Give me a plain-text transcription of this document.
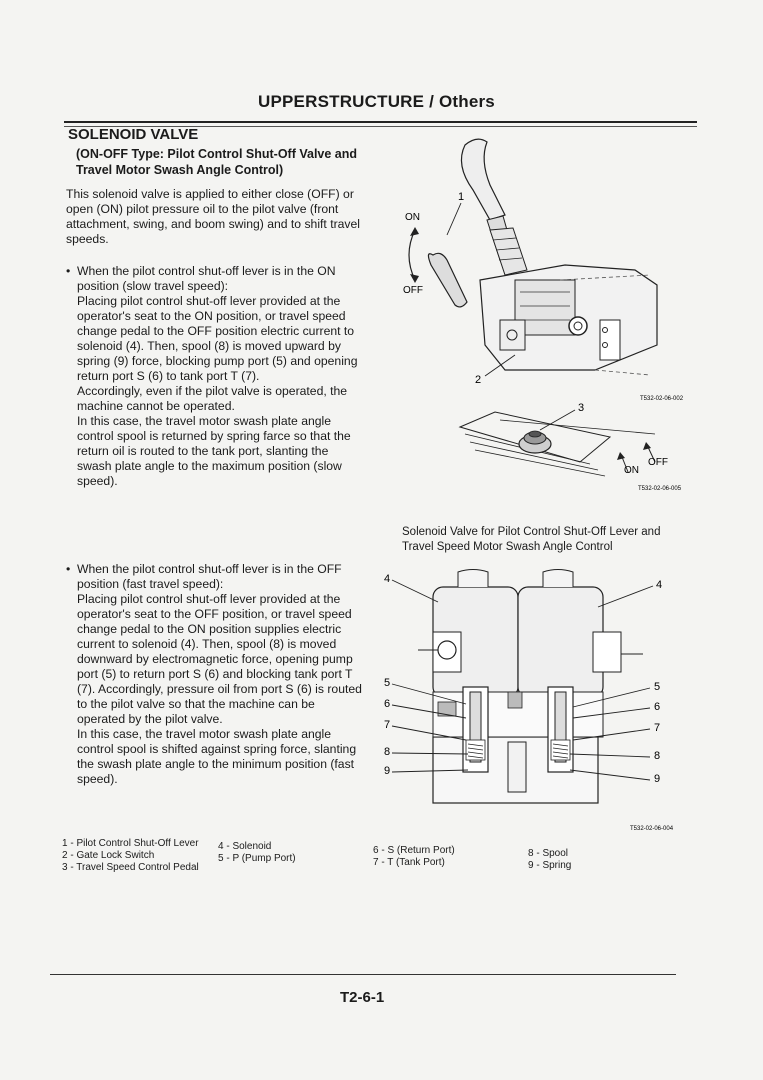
UPPERSTRUCTURE / Others
SOLENOID VALVE
(ON-OFF Type: Pilot Control Shut-Off Valve and Travel Motor Swash Angle Control)
This solenoid valve is applied to either close (OFF) or open (ON) pilot pressure oil to the pilot valve (front attachment, swing, and boom swing) and to shift travel speeds.
• When the pilot control shut-off lever is in the ON position (slow travel speed):

Placing pilot control shut-off lever provided at the operator's seat to the ON position, or travel speed change pedal to the OFF position electric current to solenoid (4). Then, spool (8) is moved upward by spring (9) force, blocking pump port (5) and opening return port S (6) to tank port T (7).

Accordingly, even if the pilot valve is operated, the machine cannot be operated.

In this case, the travel motor swash plate angle control spool is returned by spring farce so that the return oil is routed to the tank port, slanting the swash plate angle to the maximum position (slow speed).

• When the pilot control shut-off lever is in the OFF position (fast travel speed):

Placing pilot control shut-off lever provided at the operator's seat to the OFF position, or travel speed change pedal to the ON position supplies electric current to solenoid (4). Then, spool (8) is moved downward by electromagnetic force, opening pump port (5) to return port S (6) and blocking tank port T (7). Accordingly, pressure oil from port S (6) is routed to the pilot valve so that the machine can be operated by the pilot valve.

In this case, the travel motor swash plate angle control spool is shifted against spring force, slanting the swash plate angle to the minimum position (fast speed).

ON
OFF
1
2
T532-02-06-002
3
ON
OFF
T532-02-06-005
Solenoid Valve for Pilot Control Shut-Off Lever and Travel Speed Motor Swash Angle Control
4
5
6
7
8
9
4
5
6
7
8
9
T532-02-06-004
1 - Pilot Control Shut-Off Lever
2 - Gate Lock Switch
3 - Travel Speed Control Pedal
4 - Solenoid
5 - P (Pump Port)
6 - S (Return Port)
7 - T (Tank Port)
8 - Spool
9 - Spring
T2-6-1
